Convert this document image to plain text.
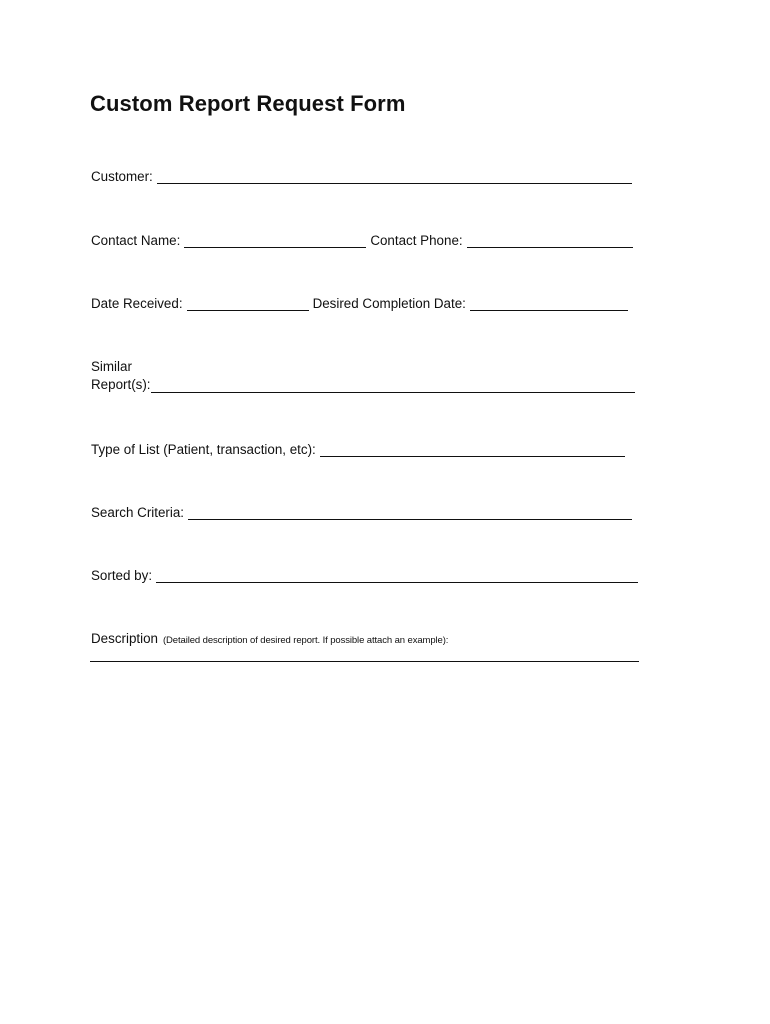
Custom Report Request Form
Customer:
Contact Name:	Contact Phone:
Date Received:	Desired Completion Date:
Similar
Report(s):
Type of List (Patient, transaction, etc):
Search Criteria:
Sorted by:
Description (Detailed description of desired report. If possible attach an example):
